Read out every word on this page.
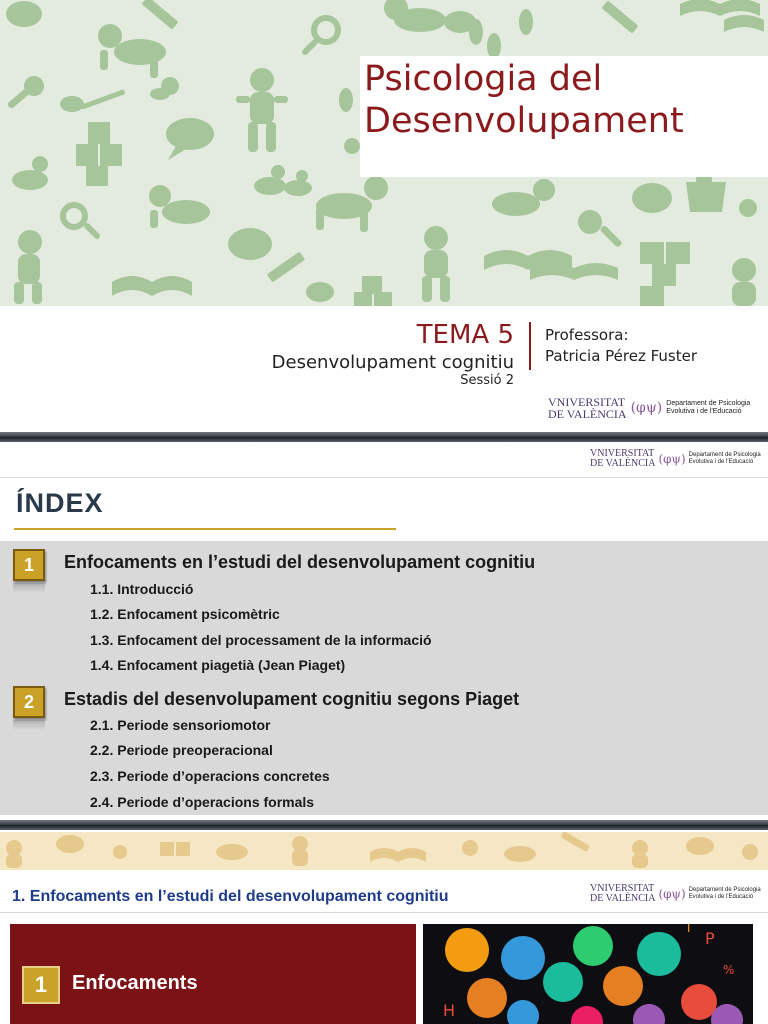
Psicologia del Desenvolupament
TEMA 5
Desenvolupament cognitiu
Sessió 2
Professora:
Patricia Pérez Fuster
VNIVERSITAT
DE VALÈNCIA (φψ) Departament de Psicologia
Evolutiva i de l'Educació
VNIVERSITAT
DE VALÈNCIA (φψ) Departament de Psicologia
Evolutiva i de l'Educació
ÍNDEX
1	Enfocaments en l’estudi del desenvolupament cognitiu
1.1. Introducció
1.2. Enfocament psicomètric
1.3. Enfocament del processament de la informació
1.4. Enfocament piagetià (Jean Piaget)
2	Estadis del desenvolupament cognitiu segons Piaget
2.1. Periode sensoriomotor
2.2. Periode preoperacional
2.3. Periode d’operacions concretes
2.4. Periode d’operacions formals
1. Enfocaments en l’estudi del desenvolupament cognitiu	VNIVERSITAT
DE VALÈNCIA (φψ) Departament de Psicologia
Evolutiva i de l'Educació
1	Enfocaments
H
P
%
T
